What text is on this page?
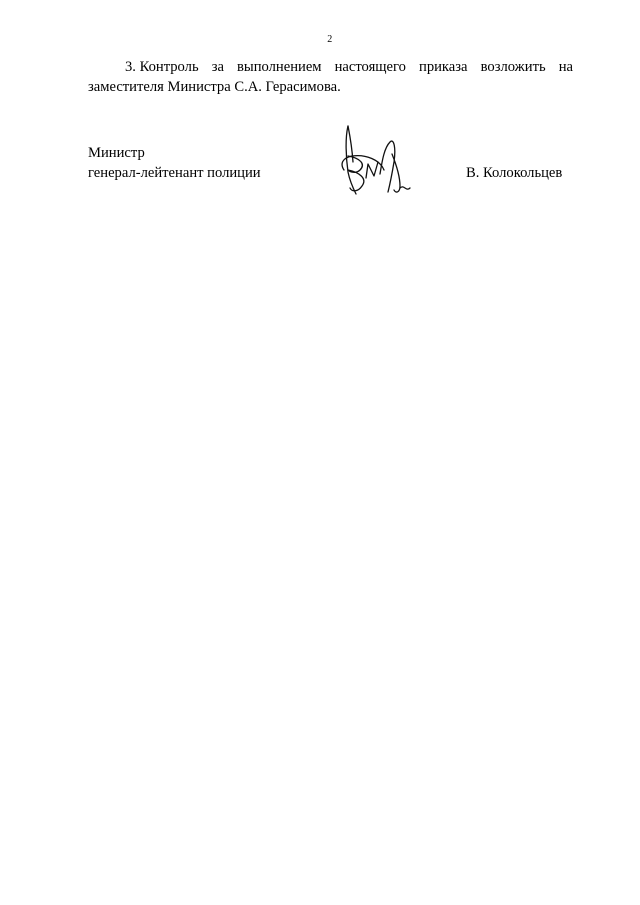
2
3. Контроль за выполнением настоящего приказа возложить на
заместителя Министра С.А. Герасимова.
Министр
генерал-лейтенант полиции	В. Колокольцев
